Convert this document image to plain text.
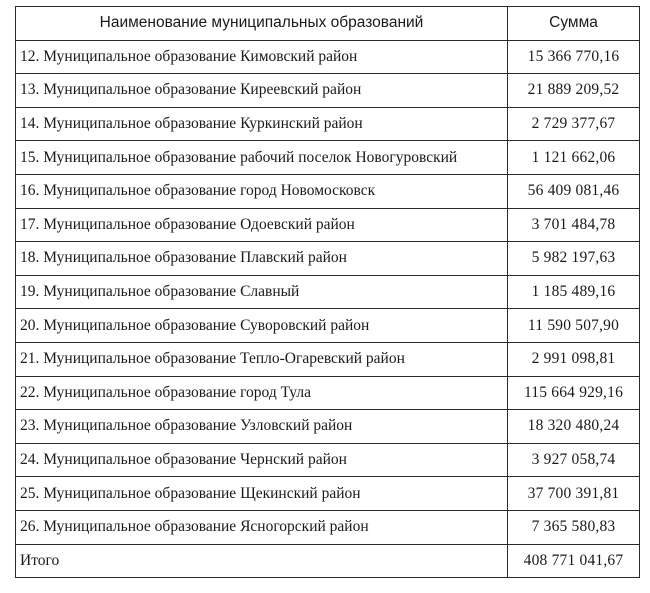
Наименование муниципальных образований	Сумма
12. Муниципальное образование Кимовский район	15 366 770,16
13. Муниципальное образование Киреевский район	21 889 209,52
14. Муниципальное образование Куркинский район	2 729 377,67
15. Муниципальное образование рабочий поселок Новогуровский	1 121 662,06
16. Муниципальное образование город Новомосковск	56 409 081,46
17. Муниципальное образование Одоевский район	3 701 484,78
18. Муниципальное образование Плавский район	5 982 197,63
19. Муниципальное образование Славный	1 185 489,16
20. Муниципальное образование Суворовский район	11 590 507,90
21. Муниципальное образование Тепло-Огаревский район	2 991 098,81
22. Муниципальное образование город Тула	115 664 929,16
23. Муниципальное образование Узловский район	18 320 480,24
24. Муниципальное образование Чернский район	3 927 058,74
25. Муниципальное образование Щекинский район	37 700 391,81
26. Муниципальное образование Ясногорский район	7 365 580,83
Итого	408 771 041,67
